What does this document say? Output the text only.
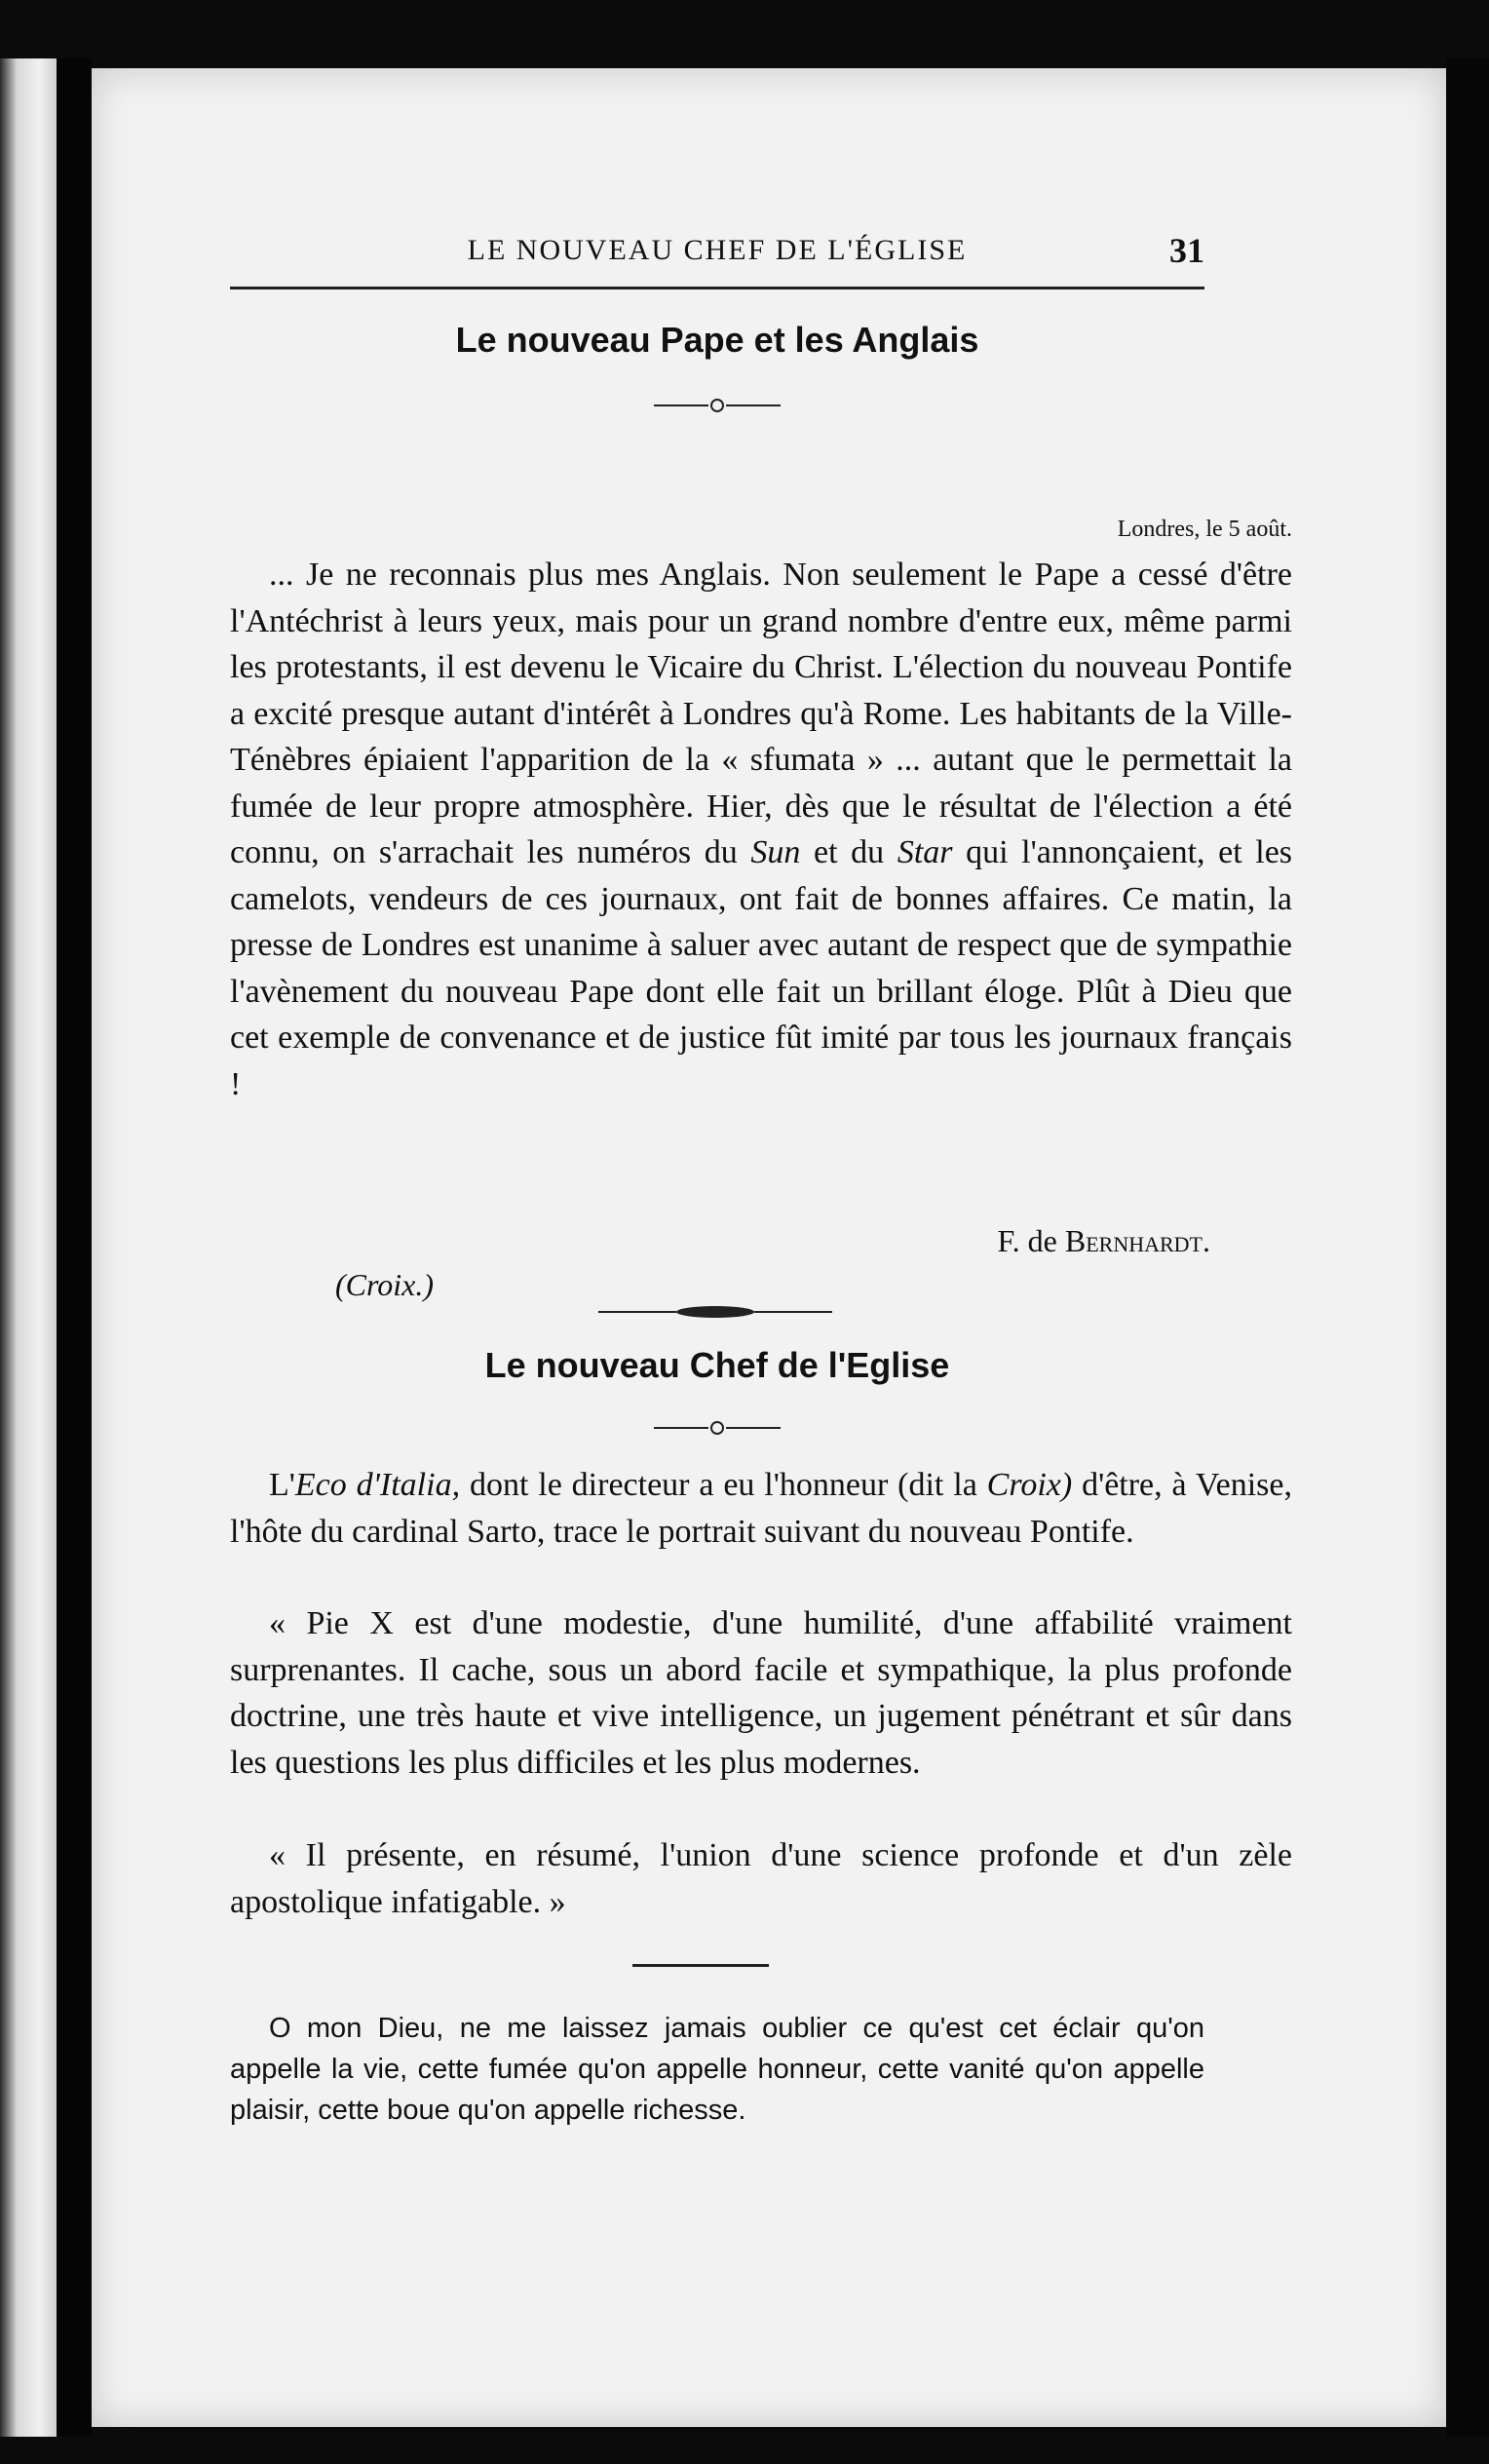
LE NOUVEAU CHEF DE L'ÉGLISE	31
Le nouveau Pape et les Anglais
Londres, le 5 août.

... Je ne reconnais plus mes Anglais. Non seulement le Pape a cessé d'être l'Antéchrist à leurs yeux, mais pour un grand nombre d'entre eux, même parmi les protestants, il est devenu le Vicaire du Christ. L'élection du nouveau Pontife a excité presque autant d'intérêt à Londres qu'à Rome. Les habitants de la Ville-Ténèbres épiaient l'apparition de la « sfumata » ... autant que le permettait la fumée de leur propre atmosphère. Hier, dès que le résultat de l'élection a été connu, on s'arrachait les numéros du Sun et du Star qui l'annonçaient, et les camelots, vendeurs de ces journaux, ont fait de bonnes affaires. Ce matin, la presse de Londres est unanime à saluer avec autant de respect que de sympathie l'avènement du nouveau Pape dont elle fait un brillant éloge. Plût à Dieu que cet exemple de convenance et de justice fût imité par tous les journaux français !

F. de Bernhardt.
(Croix.)
Le nouveau Chef de l'Eglise

L'Eco d'Italia, dont le directeur a eu l'honneur (dit la Croix) d'être, à Venise, l'hôte du cardinal Sarto, trace le portrait suivant du nouveau Pontife.

« Pie X est d'une modestie, d'une humilité, d'une affabilité vraiment surprenantes. Il cache, sous un abord facile et sympathique, la plus profonde doctrine, une très haute et vive intelligence, un jugement pénétrant et sûr dans les questions les plus difficiles et les plus modernes.

« Il présente, en résumé, l'union d'une science profonde et d'un zèle apostolique infatigable. »

O mon Dieu, ne me laissez jamais oublier ce qu'est cet éclair qu'on appelle la vie, cette fumée qu'on appelle honneur, cette vanité qu'on appelle plaisir, cette boue qu'on appelle richesse.
